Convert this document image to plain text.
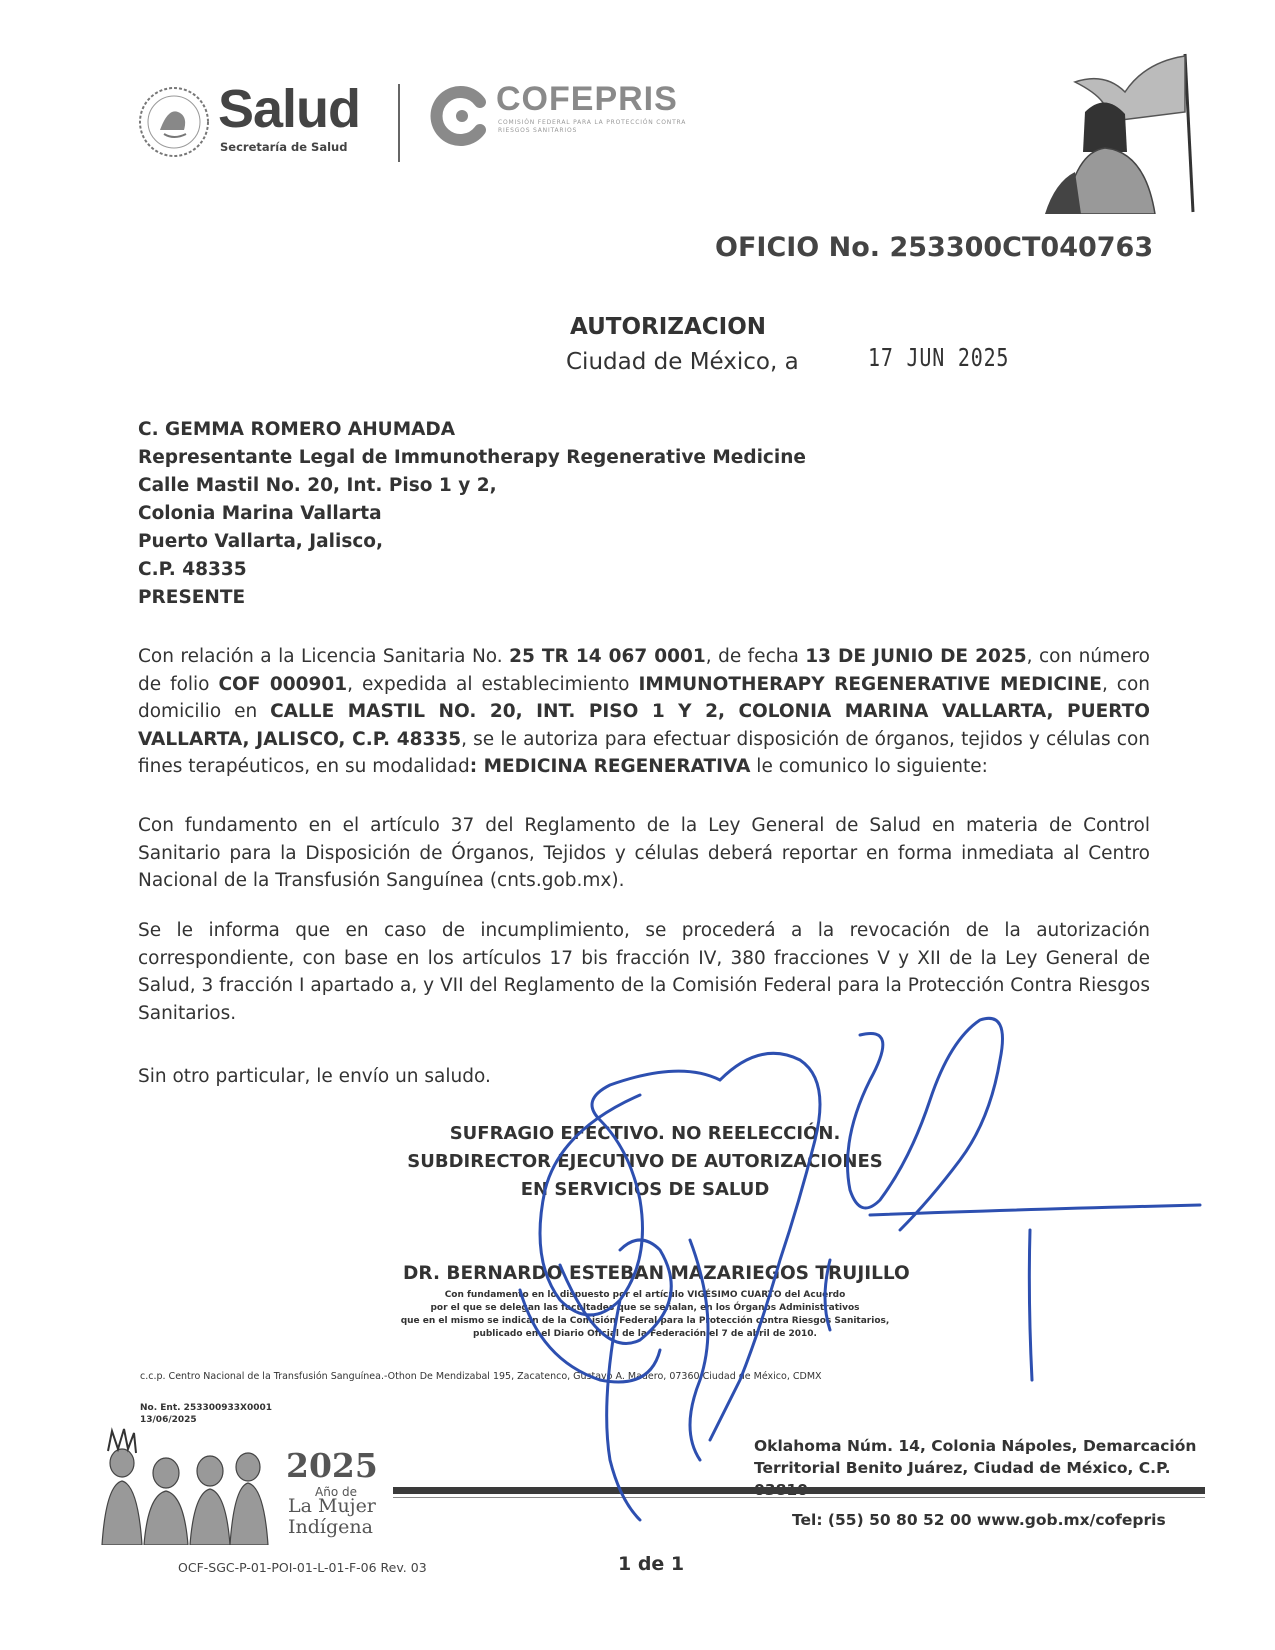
Salud
Secretaría de Salud
COFEPRIS
COMISIÓN FEDERAL PARA LA PROTECCIÓN CONTRA RIESGOS SANITARIOS
OFICIO No. 253300CT040763
AUTORIZACION
Ciudad de México, a	17 JUN 2025
C. GEMMA ROMERO AHUMADA
Representante Legal de Immunotherapy Regenerative Medicine
Calle Mastil No. 20, Int. Piso 1 y 2,
Colonia Marina Vallarta
Puerto Vallarta, Jalisco,
C.P. 48335
PRESENTE
Con relación a la Licencia Sanitaria No. 25 TR 14 067 0001, de fecha 13 DE JUNIO DE 2025, con número de folio COF 000901, expedida al establecimiento IMMUNOTHERAPY REGENERATIVE MEDICINE, con domicilio en CALLE MASTIL NO. 20, INT. PISO 1 Y 2, COLONIA MARINA VALLARTA, PUERTO VALLARTA, JALISCO, C.P. 48335, se le autoriza para efectuar disposición de órganos, tejidos y células con fines terapéuticos, en su modalidad: MEDICINA REGENERATIVA le comunico lo siguiente:
Con fundamento en el artículo 37 del Reglamento de la Ley General de Salud en materia de Control Sanitario para la Disposición de Órganos, Tejidos y células deberá reportar en forma inmediata al Centro Nacional de la Transfusión Sanguínea (cnts.gob.mx).
Se le informa que en caso de incumplimiento, se procederá a la revocación de la autorización correspondiente, con base en los artículos 17 bis fracción IV, 380 fracciones V y XII de la Ley General de Salud, 3 fracción I apartado a, y VII del Reglamento de la Comisión Federal para la Protección Contra Riesgos Sanitarios.
Sin otro particular, le envío un saludo.
SUFRAGIO EFECTIVO. NO REELECCIÓN.
SUBDIRECTOR EJECUTIVO DE AUTORIZACIONES
EN SERVICIOS DE SALUD
DR. BERNARDO ESTEBAN MAZARIEGOS TRUJILLO
Con fundamento en lo dispuesto por el artículo VIGÉSIMO CUARTO del Acuerdo
por el que se delegan las facultades que se señalan, en los Órganos Administrativos
que en el mismo se indican de la Comisión Federal para la Protección contra Riesgos Sanitarios,
publicado en el Diario Oficial de la Federación el 7 de abril de 2010.
c.c.p. Centro Nacional de la Transfusión Sanguínea.-Othon De Mendizabal 195, Zacatenco, Gustavo A. Madero, 07360 Ciudad de México, CDMX
No. Ent. 253300933X0001
13/06/2025
2025
Año de
La Mujer
Indígena
Oklahoma Núm. 14, Colonia Nápoles, Demarcación
Territorial Benito Juárez, Ciudad de México, C.P.
Tel: (55) 50 80 52 00 www.gob.mx/cofepris
OCF-SGC-P-01-POI-01-L-01-F-06 Rev. 03	1 de 1
